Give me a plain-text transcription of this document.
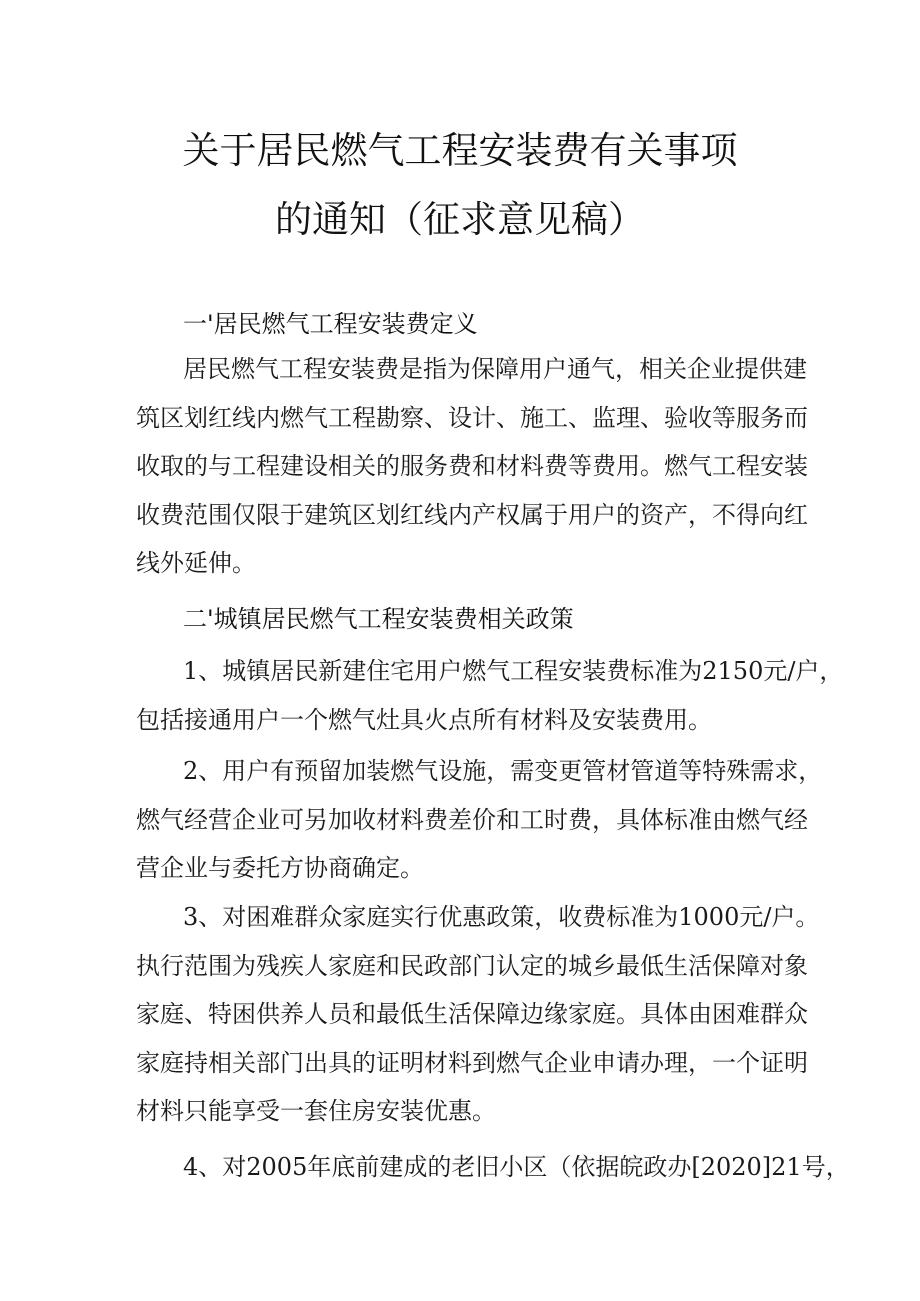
关于居民燃气工程安装费有关事项
的通知（征求意见稿）
一'居民燃气工程安装费定义

居民燃气工程安装费是指为保障用户通气，相关企业提供建

筑区划红线内燃气工程勘察、设计、施工、监理、验收等服务而

收取的与工程建设相关的服务费和材料费等费用。燃气工程安装

收费范围仅限于建筑区划红线内产权属于用户的资产，不得向红

线外延伸。

二'城镇居民燃气工程安装费相关政策

1、城镇居民新建住宅用户燃气工程安装费标准为2150元/户，

包括接通用户一个燃气灶具火点所有材料及安装费用。

2、用户有预留加装燃气设施，需变更管材管道等特殊需求，

燃气经营企业可另加收材料费差价和工时费，具体标准由燃气经

营企业与委托方协商确定。

3、对困难群众家庭实行优惠政策，收费标准为1000元/户。

执行范围为残疾人家庭和民政部门认定的城乡最低生活保障对象

家庭、特困供养人员和最低生活保障边缘家庭。具体由困难群众

家庭持相关部门出具的证明材料到燃气企业申请办理，一个证明

材料只能享受一套住房安装优惠。

4、对2005年底前建成的老旧小区（依据皖政办[2020]21号，
